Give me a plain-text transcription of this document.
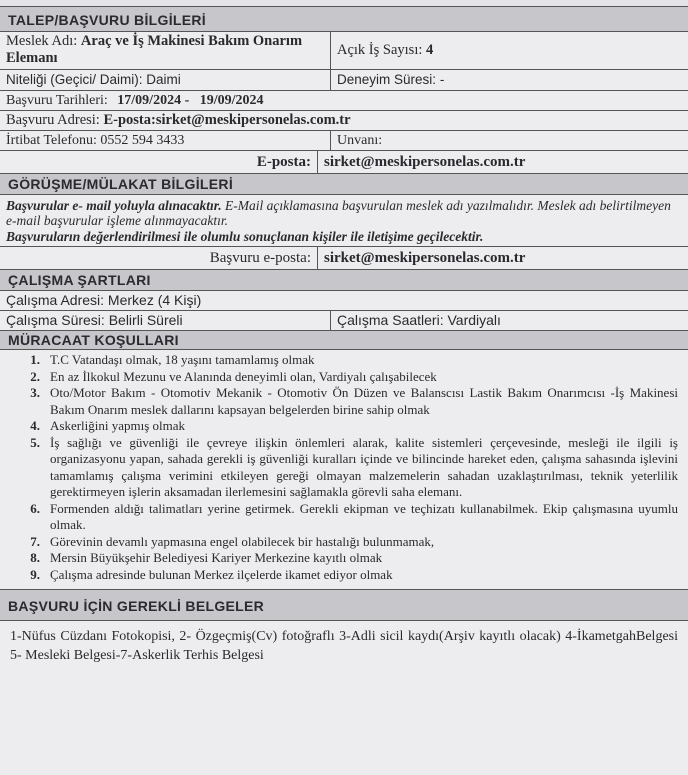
TALEP/BAŞVURU BİLGİLERİ
Meslek Adı: Araç ve İş Makinesi Bakım Onarım Elemanı	Açık İş Sayısı: 4
Niteliği (Geçici/ Daimi): Daimi	Deneyim Süresi: -
Başvuru Tarihleri: 17/09/2024 -   19/09/2024
Başvuru Adresi: E-posta:sirket@meskipersonelas.com.tr
İrtibat Telefonu: 0552 594 3433	Unvanı:
E-posta: sirket@meskipersonelas.com.tr
GÖRÜŞME/MÜLAKAT BİLGİLERİ
Başvurular e- mail yoluyla alınacaktır. E-Mail açıklamasına başvurulan meslek adı yazılmalıdır. Meslek adı belirtilmeyen e-mail başvurular işleme alınmayacaktır.
Başvuruların değerlendirilmesi ile olumlu sonuçlanan kişiler ile iletişime geçilecektir.
Başvuru e-posta: sirket@meskipersonelas.com.tr
ÇALIŞMA ŞARTLARI
Çalışma Adresi: Merkez (4 Kişi)
Çalışma Süresi: Belirli Süreli	Çalışma Saatleri: Vardiyalı
MÜRACAAT KOŞULLARI
1. T.C Vatandaşı olmak, 18 yaşını tamamlamış olmak
2. En az İlkokul Mezunu ve Alanında deneyimli olan, Vardiyalı çalışabilecek
3. Oto/Motor Bakım - Otomotiv Mekanik - Otomotiv Ön Düzen ve Balanscısı Lastik Bakım Onarımcısı -İş Makinesi Bakım Onarım meslek dallarını kapsayan belgelerden birine sahip olmak
4. Askerliğini yapmış olmak
5. İş sağlığı ve güvenliği ile çevreye ilişkin önlemleri alarak, kalite sistemleri çerçevesinde, mesleği ile ilgili iş organizasyonu yapan, sahada gerekli iş güvenliği kuralları içinde ve bilincinde hareket eden, çalışma sahasında işlevini tamamlamış çalışma verimini etkileyen gereği olmayan malzemelerin sahadan uzaklaştırılması, teknik yeterlilik gerektirmeyen işlerin aksamadan ilerlemesini sağlamakla görevli saha elemanı.
6. Formenden aldığı talimatları yerine getirmek. Gerekli ekipman ve teçhizatı kullanabilmek. Ekip çalışmasına uyumlu olmak.
7. Görevinin devamlı yapmasına engel olabilecek bir hastalığı bulunmamak,
8. Mersin Büyükşehir Belediyesi Kariyer Merkezine kayıtlı olmak
9. Çalışma adresinde bulunan Merkez ilçelerde ikamet ediyor olmak
BAŞVURU İÇİN GEREKLİ BELGELER
1-Nüfus Cüzdanı Fotokopisi, 2- Özgeçmiş(Cv) fotoğraflı 3-Adli sicil kaydı(Arşiv kayıtlı olacak) 4-İkametgahBelgesi 5- Mesleki Belgesi-7-Askerlik Terhis Belgesi
